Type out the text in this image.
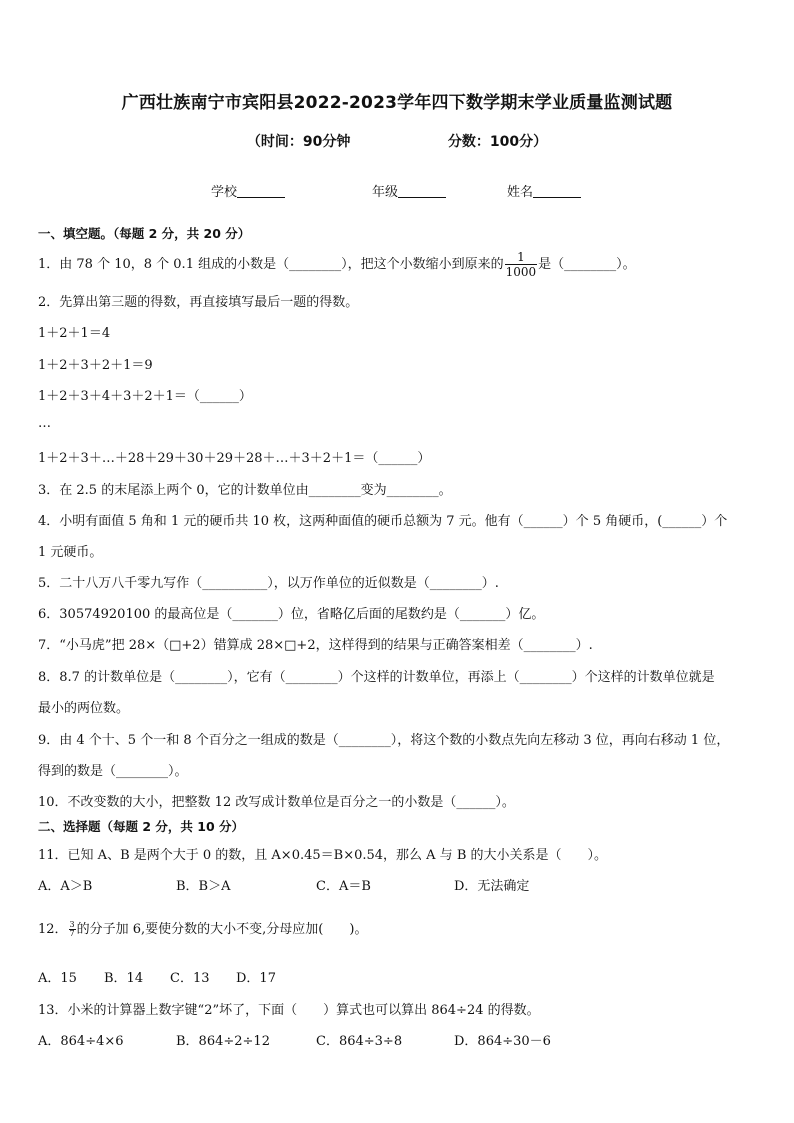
广西壮族南宁市宾阳县2022-2023学年四下数学期末学业质量监测试题
（时间：90分钟	分数：100分）
学校	年级	姓名
一、填空题。（每题 2 分，共 20 分）
1．由 78 个 10，8 个 0.1 组成的小数是（________），把这个小数缩小到原来的 $\frac{1}{1000}$ 是（________）。
2．先算出第三题的得数，再直接填写最后一题的得数。
1＋2＋1＝4
1＋2＋3＋2＋1＝9
1＋2＋3＋4＋3＋2＋1＝（______）
…
1＋2＋3＋…＋28＋29＋30＋29＋28＋…＋3＋2＋1＝（______）
3．在 2.5 的末尾添上两个 0，它的计数单位由________变为________。
4．小明有面值 5 角和 1 元的硬币共 10 枚，这两种面值的硬币总额为 7 元。他有（______）个 5 角硬币，(______）个
1 元硬币。
5．二十八万八千零九写作（__________），以万作单位的近似数是（________）.
6．30574920100 的最高位是（_______）位，省略亿后面的尾数约是（_______）亿。
7．“小马虎”把 28×（□+2）错算成 28×□+2，这样得到的结果与正确答案相差（________）.
8．8.7 的计数单位是（________），它有（________）个这样的计数单位，再添上（________）个这样的计数单位就是
最小的两位数。
9．由 4 个十、5 个一和 8 个百分之一组成的数是（________），将这个数的小数点先向左移动 3 位，再向右移动 1 位，
得到的数是（________）。
10．不改变数的大小，把整数 12 改写成计数单位是百分之一的小数是（______）。
二、选择题（每题 2 分，共 10 分）
11．已知 A、B 是两个大于 0 的数，且 A×0.45＝B×0.54，那么 A 与 B 的大小关系是（　　）。
A．A＞B	B．B＞A	C．A＝B	D．无法确定
12． $\frac{3}{7}$ 的分子加 6,要使分数的大小不变,分母应加(　　)。
A．15 B．14 C．13 D．17
13．小米的计算器上数字键“2”坏了，下面（　　）算式也可以算出 864÷24 的得数。
A．864÷4×6	B．864÷2÷12	C．864÷3÷8	D．864÷30－6
